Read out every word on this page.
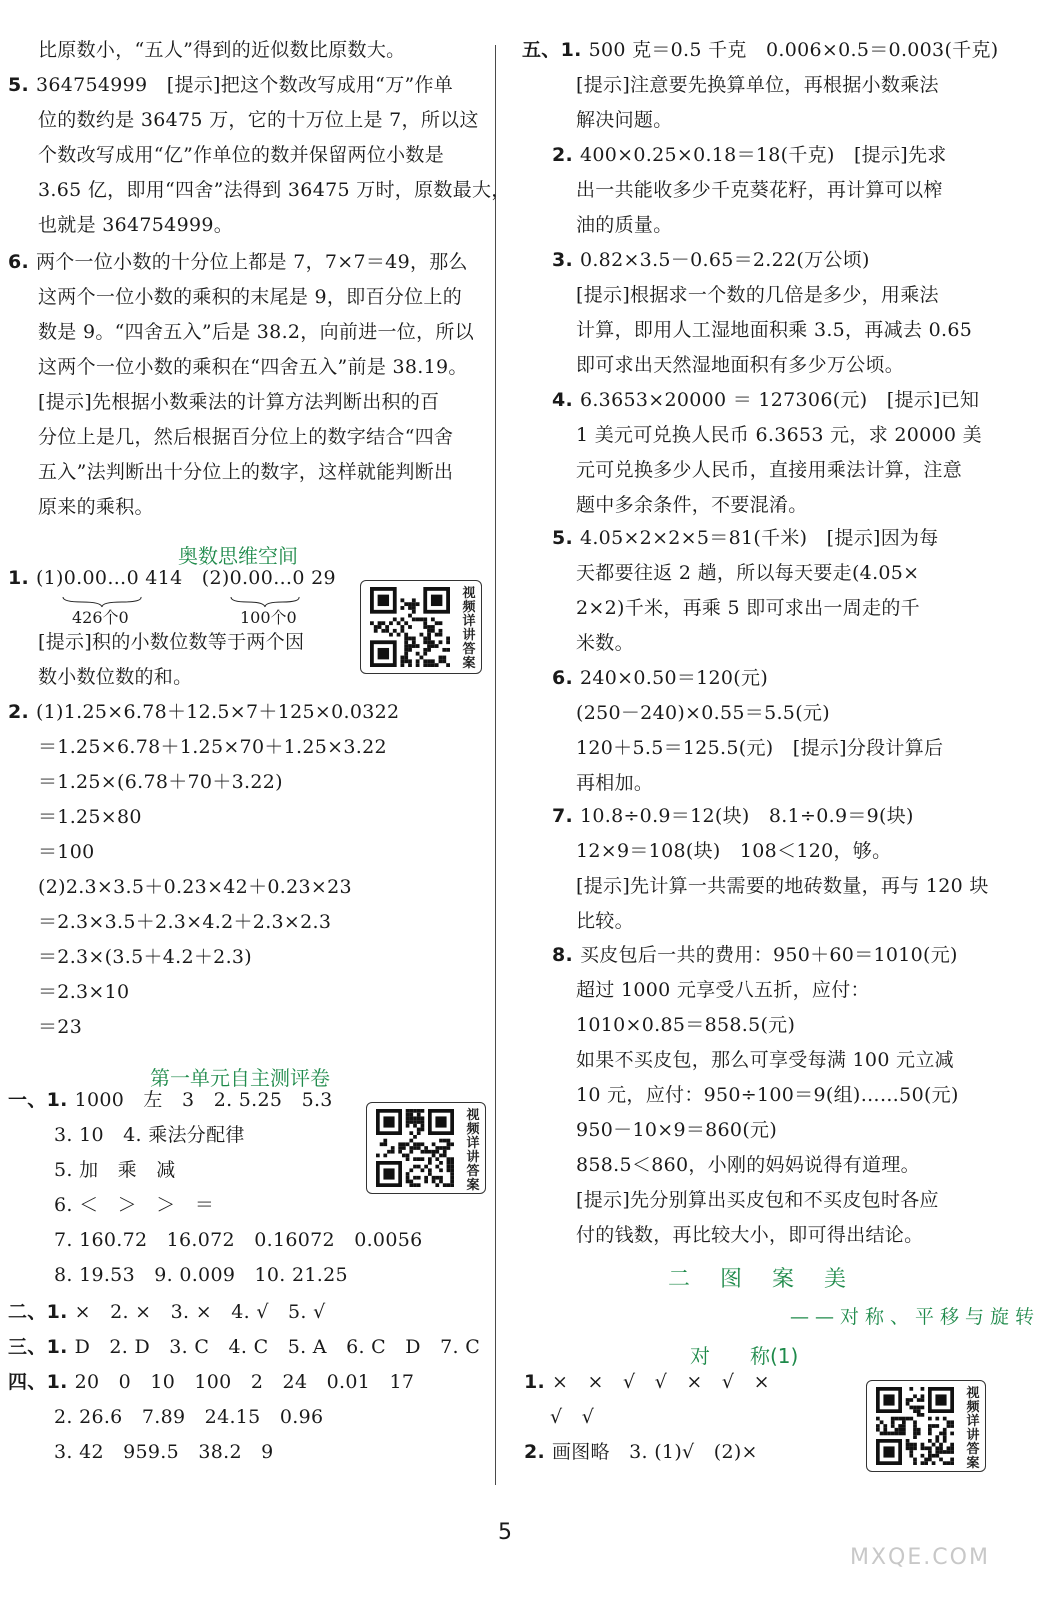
奥数思维空间
第一单元自主测评卷
二　图　案　美
——对称、平移与旋转
对　　称(1)
视频详讲答案
视频详讲答案
视频详讲答案
5
MXQE.COM
比原数小，“五人”得到的近似数比原数大。
5. 364754999　[提示]把这个数改写成用“万”作单
位的数约是 36475 万，它的十万位上是 7，所以这
个数改写成用“亿”作单位的数并保留两位小数是
3.65 亿，即用“四舍”法得到 36475 万时，原数最大，
也就是 364754999。
6. 两个一位小数的十分位上都是 7，7×7＝49，那么
这两个一位小数的乘积的末尾是 9，即百分位上的
数是 9。“四舍五入”后是 38.2，向前进一位，所以
这两个一位小数的乘积在“四舍五入”前是 38.19。
[提示]先根据小数乘法的计算方法判断出积的百
分位上是几，然后根据百分位上的数字结合“四舍
五入”法判断出十分位上的数字，这样就能判断出
原来的乘积。
1. (1)0.00…0 414　(2)0.00…0 29
[提示]积的小数位数等于两个因
数小数位数的和。
2. (1)1.25×6.78＋12.5×7＋125×0.0322
＝1.25×6.78＋1.25×70＋1.25×3.22
＝1.25×(6.78＋70＋3.22)
＝1.25×80
＝100
(2)2.3×3.5＋0.23×42＋0.23×23
＝2.3×3.5＋2.3×4.2＋2.3×2.3
＝2.3×(3.5＋4.2＋2.3)
＝2.3×10
＝23
一、1. 1000　左　3　2. 5.25　5.3
3. 10　4. 乘法分配律
5. 加　乘　减
6. ＜　＞　＞　＝
7. 160.72　16.072　0.16072　0.0056
8. 19.53　9. 0.009　10. 21.25
二、1. ×　2. ×　3. ×　4. √　5. √
三、1. D　2. D　3. C　4. C　5. A　6. C　D　7. C
四、1. 20　0　10　100　2　24　0.01　17
2. 26.6　7.89　24.15　0.96
3. 42　959.5　38.2　9
五、1. 500 克＝0.5 千克　0.006×0.5＝0.003(千克)
[提示]注意要先换算单位，再根据小数乘法
解决问题。
2. 400×0.25×0.18＝18(千克)　[提示]先求
出一共能收多少千克葵花籽，再计算可以榨
油的质量。
3. 0.82×3.5－0.65＝2.22(万公顷)
[提示]根据求一个数的几倍是多少，用乘法
计算，即用人工湿地面积乘 3.5，再减去 0.65
即可求出天然湿地面积有多少万公顷。
4. 6.3653×20000 ＝ 127306(元)　[提示]已知
1 美元可兑换人民币 6.3653 元，求 20000 美
元可兑换多少人民币，直接用乘法计算，注意
题中多余条件，不要混淆。
5. 4.05×2×2×5＝81(千米)　[提示]因为每
天都要往返 2 趟，所以每天要走(4.05×
2×2)千米，再乘 5 即可求出一周走的千
米数。
6. 240×0.50＝120(元)
(250－240)×0.55＝5.5(元)
120＋5.5＝125.5(元)　[提示]分段计算后
再相加。
7. 10.8÷0.9＝12(块)　8.1÷0.9＝9(块)
12×9＝108(块)　108＜120，够。
[提示]先计算一共需要的地砖数量，再与 120 块
比较。
8. 买皮包后一共的费用：950＋60＝1010(元)
超过 1000 元享受八五折，应付：
1010×0.85＝858.5(元)
如果不买皮包，那么可享受每满 100 元立减
10 元，应付：950÷100＝9(组)……50(元)
950－10×9＝860(元)
858.5＜860，小刚的妈妈说得有道理。
[提示]先分别算出买皮包和不买皮包时各应
付的钱数，再比较大小，即可得出结论。
1. ×　×　√　√　×　√　×
√　√
2. 画图略　3. (1)√　(2)×
426个0	100个0
